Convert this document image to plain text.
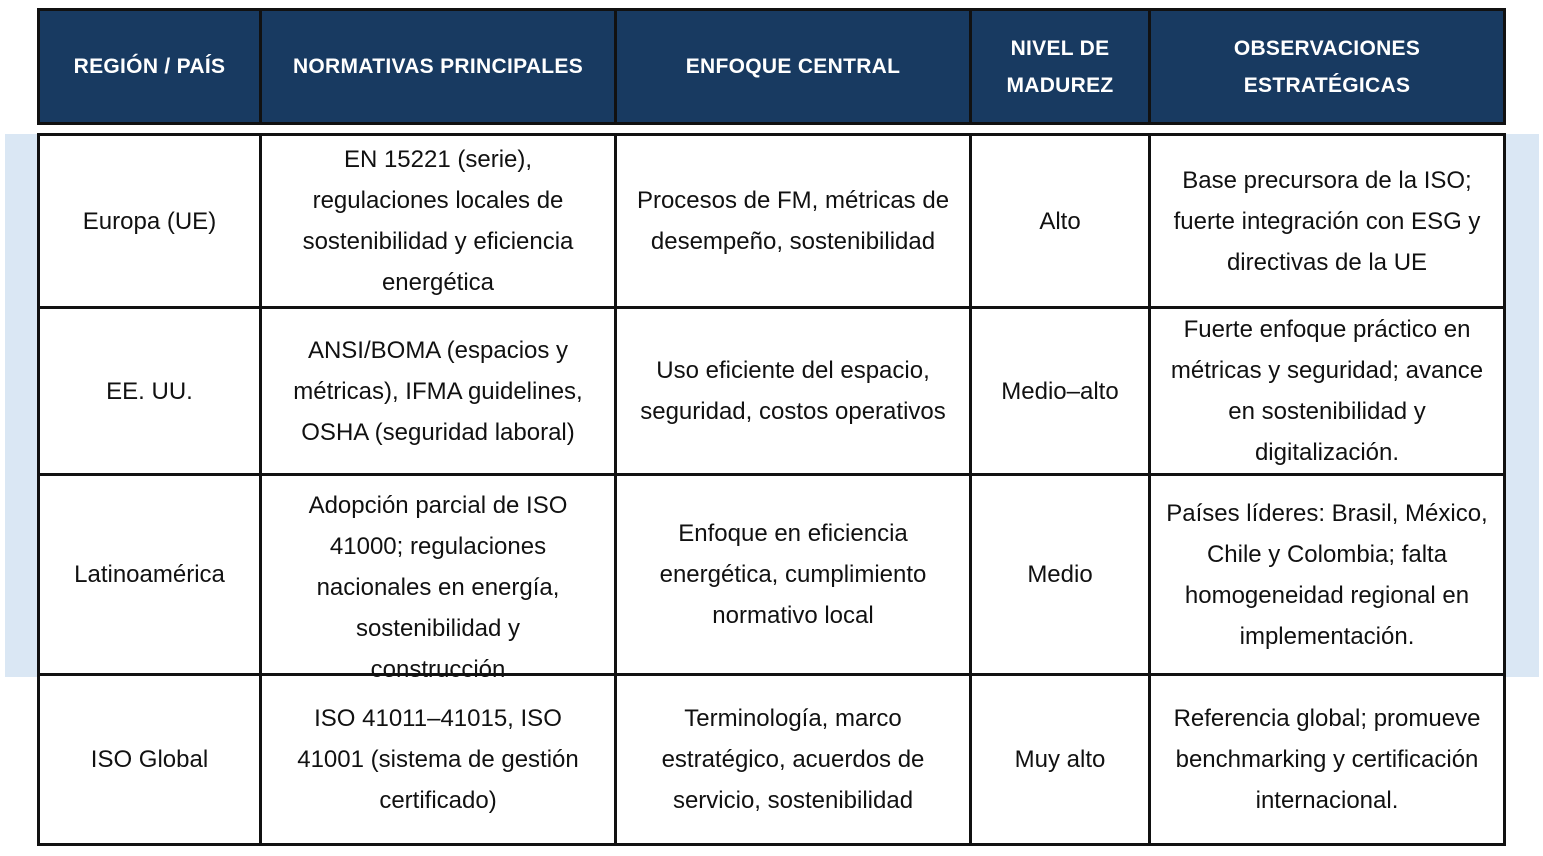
REGIÓN / PAÍS	NORMATIVAS PRINCIPALES	ENFOQUE CENTRAL	NIVEL DE MADUREZ	OBSERVACIONES ESTRATÉGICAS
Europa (UE)	EN 15221 (serie), regulaciones locales de sostenibilidad y eficiencia energética	Procesos de FM, métricas de desempeño, sostenibilidad	Alto	Base precursora de la ISO; fuerte integración con ESG y directivas de la UE
EE. UU.	ANSI/BOMA (espacios y métricas), IFMA guidelines, OSHA (seguridad laboral)	Uso eficiente del espacio, seguridad, costos operativos	Medio–alto	Fuerte enfoque práctico en métricas y seguridad; avance en sostenibilidad y digitalización.
Latinoamérica	Adopción parcial de ISO 41000; regulaciones nacionales en energía, sostenibilidad y construcción	Enfoque en eficiencia energética, cumplimiento normativo local	Medio	Países líderes: Brasil, México, Chile y Colombia; falta homogeneidad regional en implementación.
ISO Global	ISO 41011–41015, ISO 41001 (sistema de gestión certificado)	Terminología, marco estratégico, acuerdos de servicio, sostenibilidad	Muy alto	Referencia global; promueve benchmarking y certificación internacional.
